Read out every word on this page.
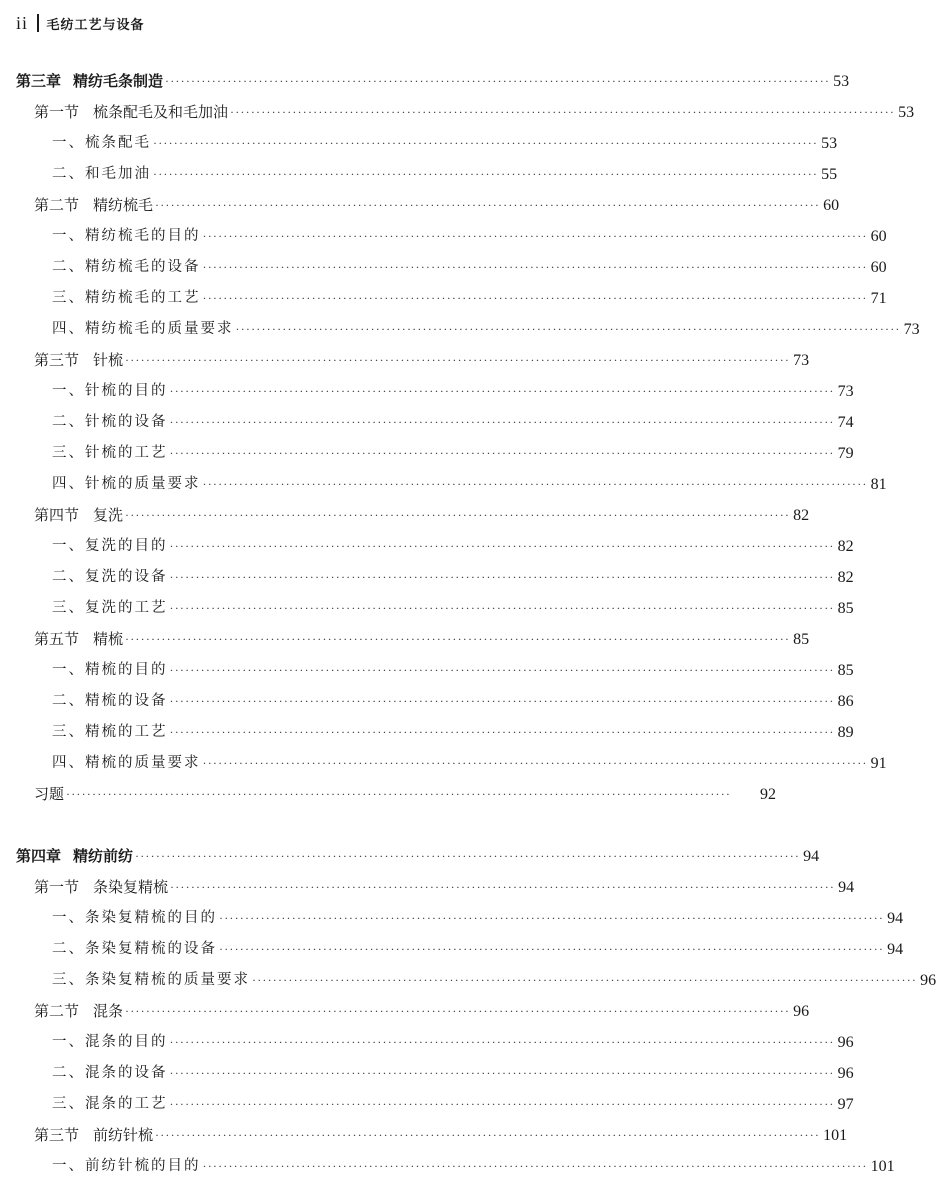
ii 毛纺工艺与设备
第三章 精纺毛条制造 ································································································································ 53
第一节 梳条配毛及和毛加油 ································································································································ 53
一、梳条配毛 ································································································································ 53
二、和毛加油 ································································································································ 55
第二节 精纺梳毛 ································································································································ 60
一、精纺梳毛的目的 ································································································································ 60
二、精纺梳毛的设备 ································································································································ 60
三、精纺梳毛的工艺 ································································································································ 71
四、精纺梳毛的质量要求 ································································································································ 73
第三节 针梳 ································································································································ 73
一、针梳的目的 ································································································································ 73
二、针梳的设备 ································································································································ 74
三、针梳的工艺 ································································································································ 79
四、针梳的质量要求 ································································································································ 81
第四节 复洗 ································································································································ 82
一、复洗的目的 ································································································································ 82
二、复洗的设备 ································································································································ 82
三、复洗的工艺 ································································································································ 85
第五节 精梳 ································································································································ 85
一、精梳的目的 ································································································································ 85
二、精梳的设备 ································································································································ 86
三、精梳的工艺 ································································································································ 89
四、精梳的质量要求 ································································································································ 91
习题 ································································································································	92
第四章 精纺前纺 ································································································································ 94
第一节 条染复精梳 ································································································································ 94
一、条染复精梳的目的 ································································································································ 94
二、条染复精梳的设备 ································································································································ 94
三、条染复精梳的质量要求 ································································································································ 96
第二节 混条 ································································································································ 96
一、混条的目的 ································································································································ 96
二、混条的设备 ································································································································ 96
三、混条的工艺 ································································································································ 97
第三节 前纺针梳 ································································································································ 101
一、前纺针梳的目的 ································································································································ 101
